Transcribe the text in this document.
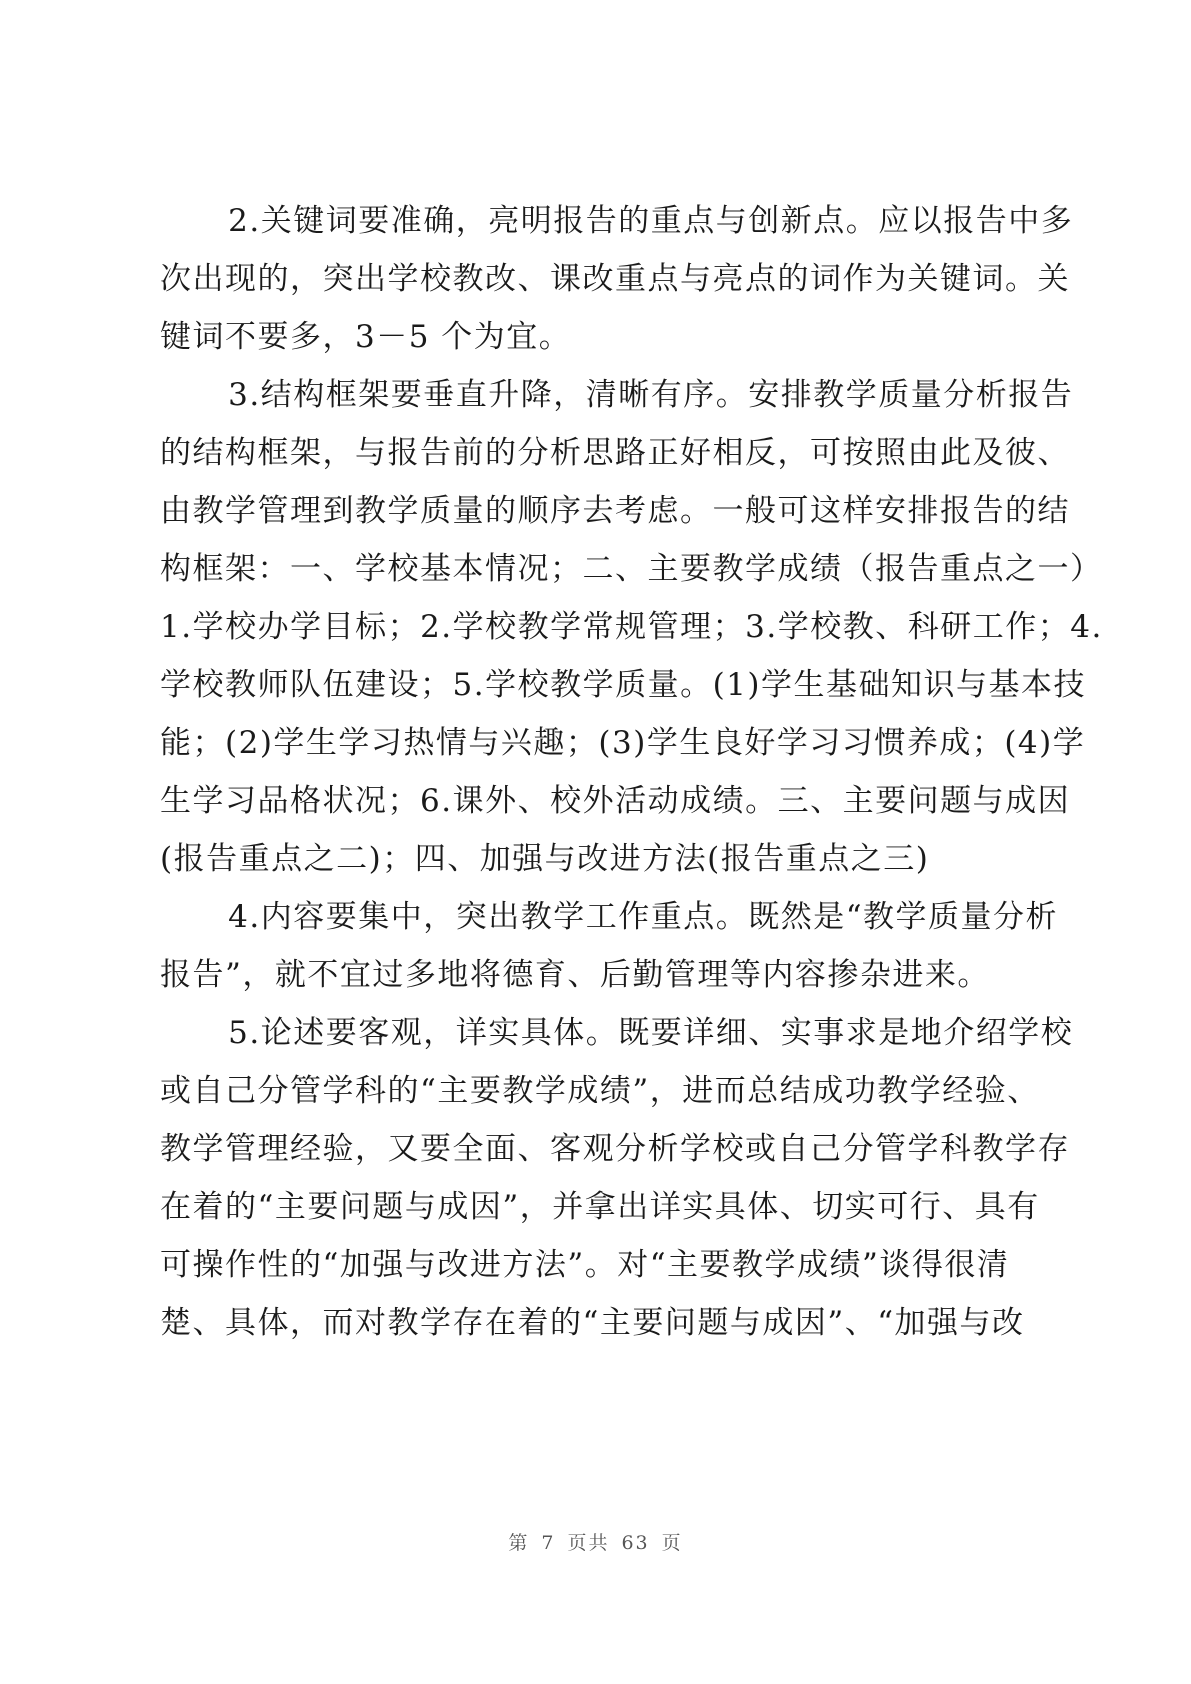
2.关键词要准确，亮明报告的重点与创新点。应以报告中多
次出现的，突出学校教改、课改重点与亮点的词作为关键词。关
键词不要多，3－5 个为宜。
3.结构框架要垂直升降，清晰有序。安排教学质量分析报告
的结构框架，与报告前的分析思路正好相反，可按照由此及彼、
由教学管理到教学质量的顺序去考虑。一般可这样安排报告的结
构框架：一、学校基本情况；二、主要教学成绩（报告重点之一）
1.学校办学目标；2.学校教学常规管理；3.学校教、科研工作；4.
学校教师队伍建设；5.学校教学质量。(1)学生基础知识与基本技
能；(2)学生学习热情与兴趣；(3)学生良好学习习惯养成；(4)学
生学习品格状况；6.课外、校外活动成绩。三、主要问题与成因
(报告重点之二)；四、加强与改进方法(报告重点之三)
4.内容要集中，突出教学工作重点。既然是“教学质量分析
报告”，就不宜过多地将德育、后勤管理等内容掺杂进来。
5.论述要客观，详实具体。既要详细、实事求是地介绍学校
或自己分管学科的“主要教学成绩”，进而总结成功教学经验、
教学管理经验，又要全面、客观分析学校或自己分管学科教学存
在着的“主要问题与成因”，并拿出详实具体、切实可行、具有
可操作性的“加强与改进方法”。对“主要教学成绩”谈得很清
楚、具体，而对教学存在着的“主要问题与成因”、“加强与改
第 7 页共 63 页
